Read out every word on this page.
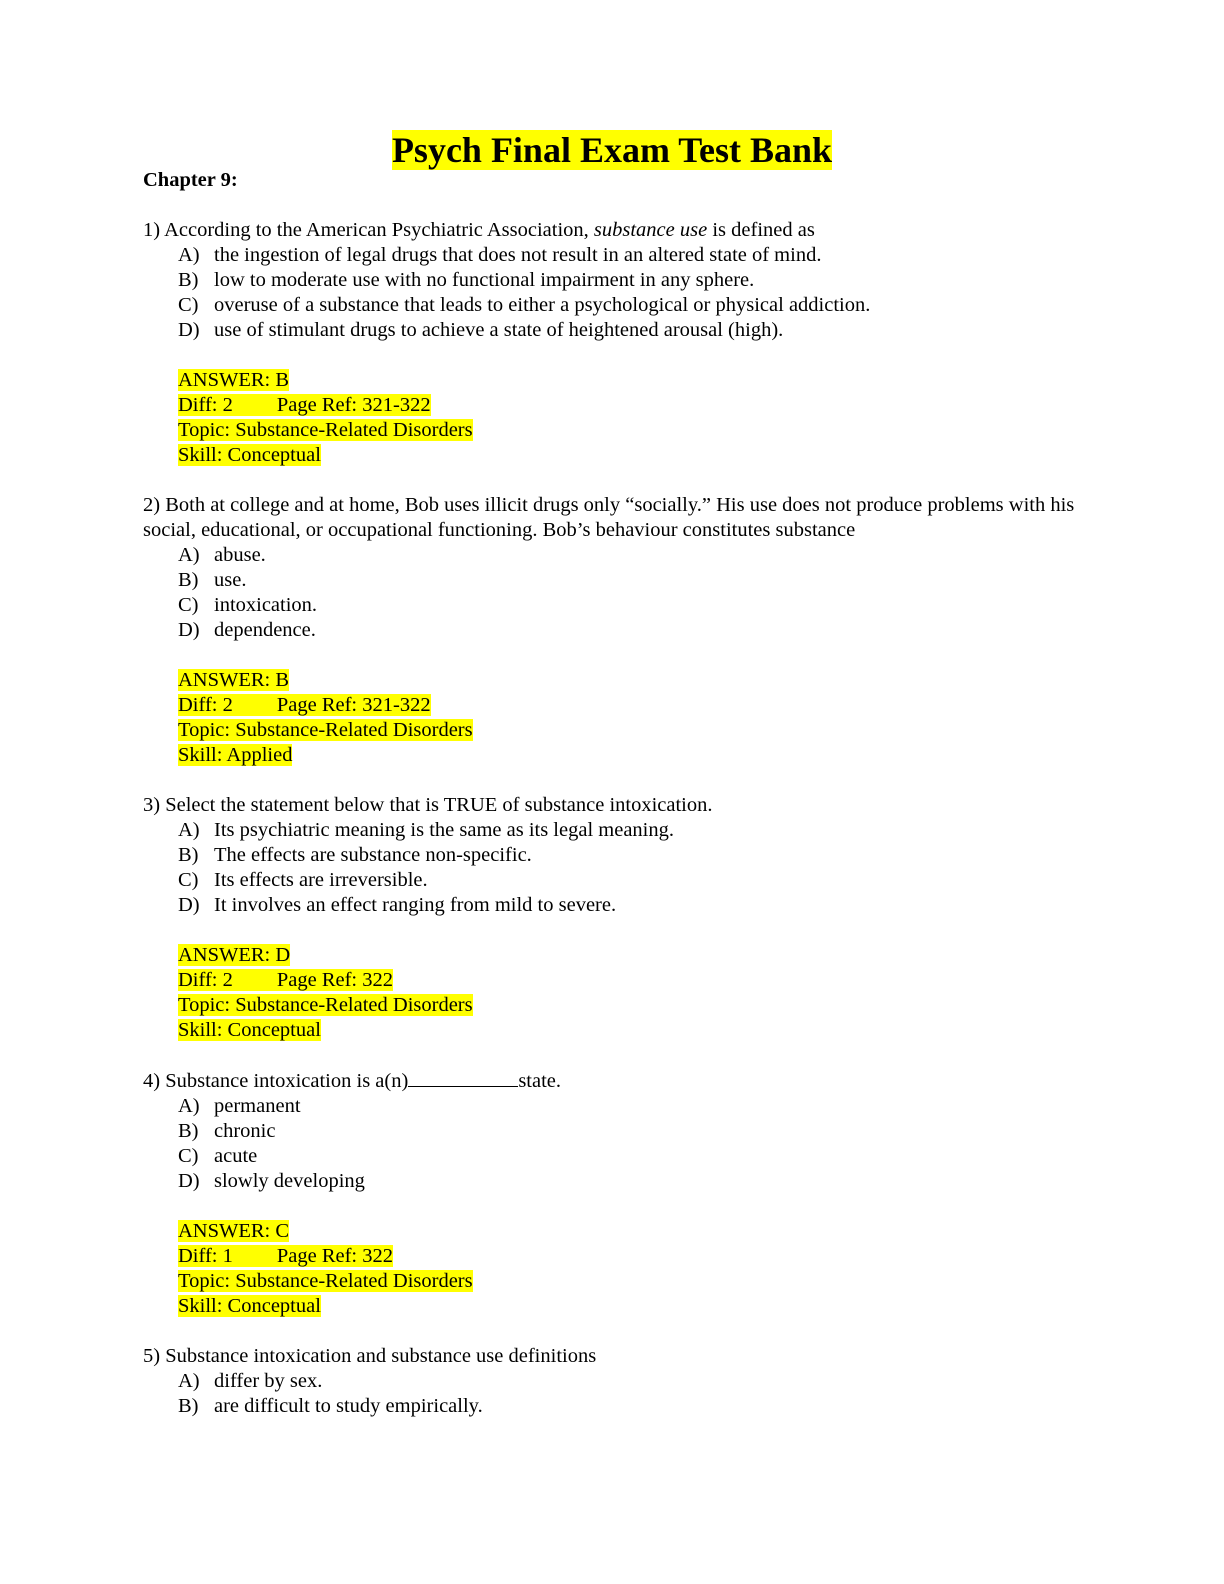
Psych Final Exam Test Bank
Chapter 9:

1) According to the American Psychiatric Association, substance use is defined as

A) the ingestion of legal drugs that does not result in an altered state of mind.
B) low to moderate use with no functional impairment in any sphere.
C) overuse of a substance that leads to either a psychological or physical addiction.
D) use of stimulant drugs to achieve a state of heightened arousal (high).
ANSWER: B
Diff: 2 Page Ref: 321-322
Topic: Substance-Related Disorders
Skill: Conceptual

2) Both at college and at home, Bob uses illicit drugs only “socially.” His use does not produce problems with his social, educational, or occupational functioning. Bob’s behaviour constitutes substance

A) abuse.
B) use.
C) intoxication.
D) dependence.
ANSWER: B
Diff: 2 Page Ref: 321-322
Topic: Substance-Related Disorders
Skill: Applied

3) Select the statement below that is TRUE of substance intoxication.

A) Its psychiatric meaning is the same as its legal meaning.
B) The effects are substance non-specific.
C) Its effects are irreversible.
D) It involves an effect ranging from mild to severe.
ANSWER: D
Diff: 2 Page Ref: 322
Topic: Substance-Related Disorders
Skill: Conceptual

4) Substance intoxication is a(n)	state.

A) permanent
B) chronic
C) acute
D) slowly developing
ANSWER: C
Diff: 1 Page Ref: 322
Topic: Substance-Related Disorders
Skill: Conceptual

5) Substance intoxication and substance use definitions

A) differ by sex.
B) are difficult to study empirically.
